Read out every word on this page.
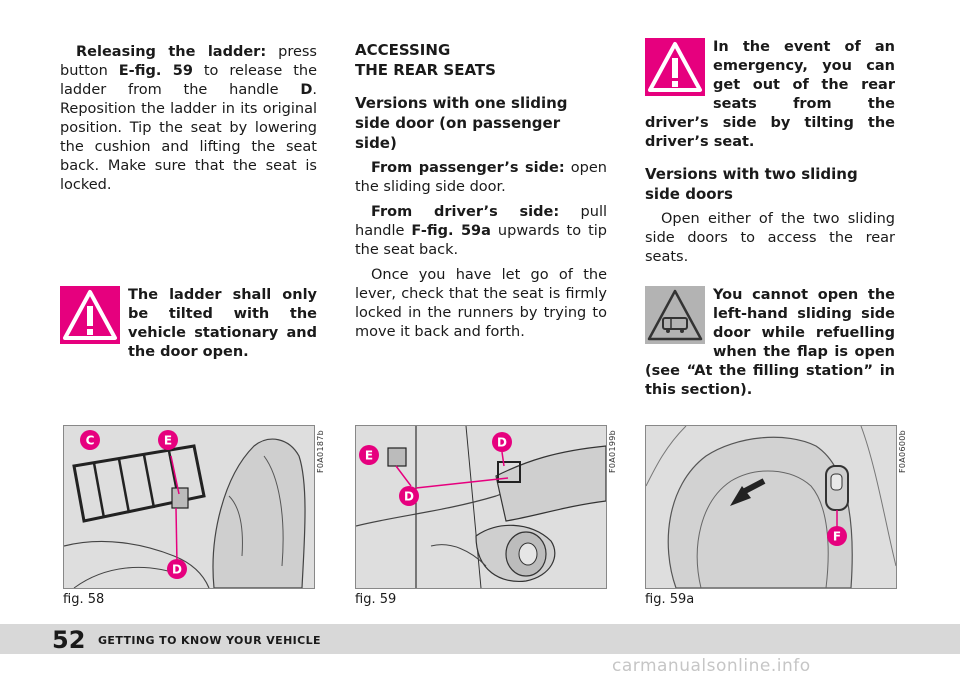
Releasing the ladder: press button E-fig. 59 to release the ladder from the handle D. Reposition the ladder in its original position. Tip the seat by lowering the cushion and lifting the seat back. Make sure that the seat is locked.

The ladder shall only be tilted with the vehicle stationary and the door open.
ACCESSING
THE REAR SEATS
Versions with one sliding side door (on passenger side)

From passenger’s side: open the sliding side door.

From driver’s side: pull handle F-fig. 59a upwards to tip the seat back.

Once you have let go of the lever, check that the seat is firmly locked in the runners by trying to move it back and forth.

In the event of an emergency, you can get out of the rear seats from the driver’s side by tilting the driver’s seat.
Versions with two sliding side doors

Open either of the two sliding side doors to access the rear seats.

You cannot open the left-hand sliding side door while refuelling when the flap is open (see “At the filling station” in this section).
C	E
D
F0A0187b
fig. 58
E
D
D
F0A0199b
fig. 59
F
F0A0600b
fig. 59a
52 GETTING TO KNOW YOUR VEHICLE
carmanualsonline.info
